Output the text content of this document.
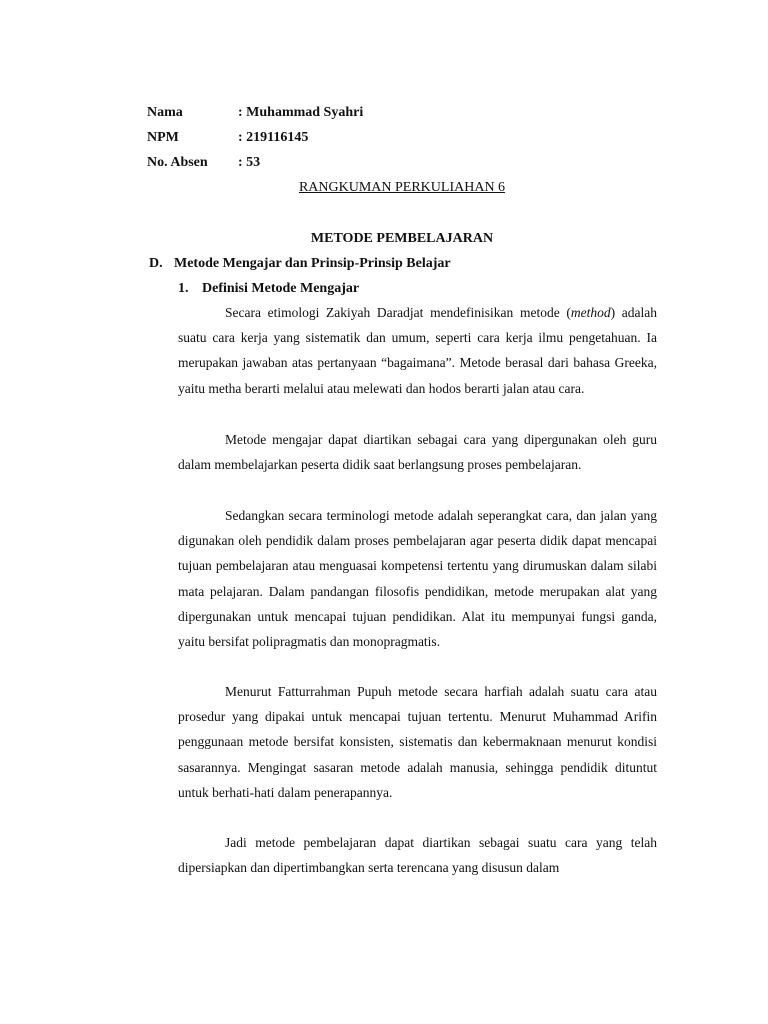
Nama	: Muhammad Syahri
NPM	: 219116145
No. Absen : 53
RANGKUMAN PERKULIAHAN 6
METODE PEMBELAJARAN
D. Metode Mengajar dan Prinsip-Prinsip Belajar
1. Definisi Metode Mengajar

Secara etimologi Zakiyah Daradjat mendefinisikan metode (method) adalah suatu cara kerja yang sistematik dan umum, seperti cara kerja ilmu pengetahuan. Ia merupakan jawaban atas pertanyaan “bagaimana”. Metode berasal dari bahasa Greeka, yaitu metha berarti melalui atau melewati dan hodos berarti jalan atau cara.

Metode mengajar dapat diartikan sebagai cara yang dipergunakan oleh guru dalam membelajarkan peserta didik saat berlangsung proses pembelajaran.

Sedangkan secara terminologi metode adalah seperangkat cara, dan jalan yang digunakan oleh pendidik dalam proses pembelajaran agar peserta didik dapat mencapai tujuan pembelajaran atau menguasai kompetensi tertentu yang dirumuskan dalam silabi mata pelajaran. Dalam pandangan filosofis pendidikan, metode merupakan alat yang dipergunakan untuk mencapai tujuan pendidikan. Alat itu mempunyai fungsi ganda, yaitu bersifat polipragmatis dan monopragmatis.

Menurut Fatturrahman Pupuh metode secara harfiah adalah suatu cara atau prosedur yang dipakai untuk mencapai tujuan tertentu. Menurut Muhammad Arifin penggunaan metode bersifat konsisten, sistematis dan kebermaknaan menurut kondisi sasarannya. Mengingat sasaran metode adalah manusia, sehingga pendidik dituntut untuk berhati-hati dalam penerapannya.

Jadi metode pembelajaran dapat diartikan sebagai suatu cara yang telah dipersiapkan dan dipertimbangkan serta terencana yang disusun dalam
